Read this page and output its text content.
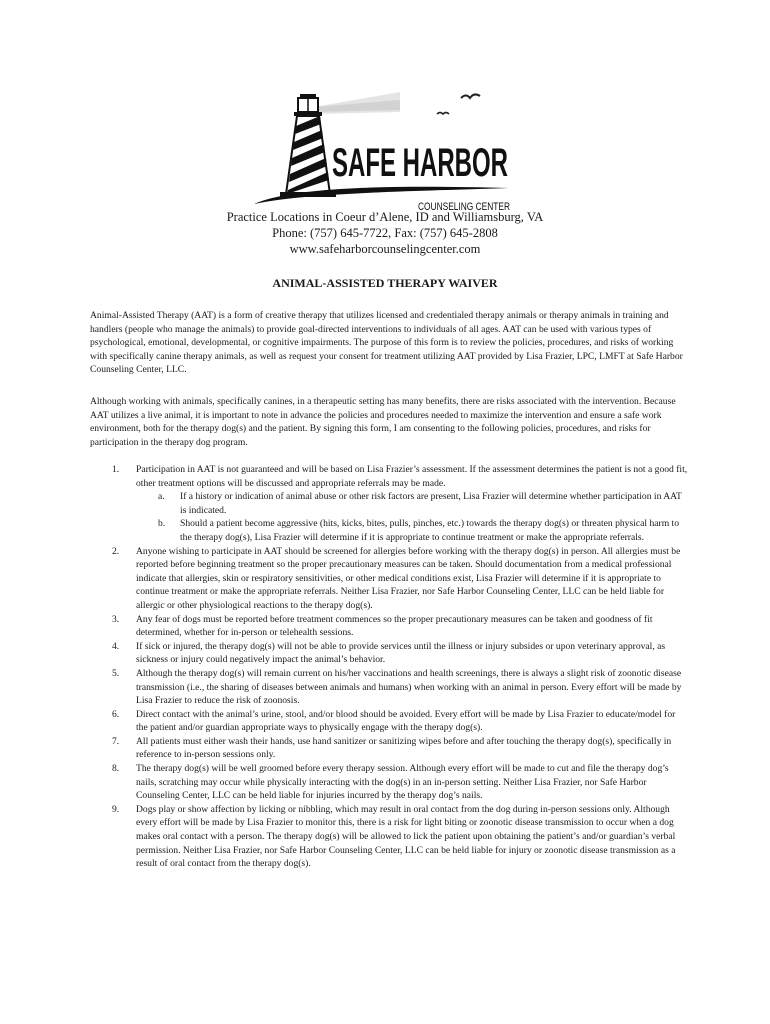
SAFE HARBOR
COUNSELING CENTER
Practice Locations in Coeur d’Alene, ID and Williamsburg, VA
Phone: (757) 645-7722, Fax: (757) 645-2808
www.safeharborcounselingcenter.com
ANIMAL-ASSISTED THERAPY WAIVER

Animal-Assisted Therapy (AAT) is a form of creative therapy that utilizes licensed and credentialed therapy animals or therapy animals in training and handlers (people who manage the animals) to provide goal-directed interventions to individuals of all ages. AAT can be used with various types of psychological, emotional, developmental, or cognitive impairments. The purpose of this form is to review the policies, procedures, and risks of working with specifically canine therapy animals, as well as request your consent for treatment utilizing AAT provided by Lisa Frazier, LPC, LMFT at Safe Harbor Counseling Center, LLC.

Although working with animals, specifically canines, in a therapeutic setting has many benefits, there are risks associated with the intervention. Because AAT utilizes a live animal, it is important to note in advance the policies and procedures needed to maximize the intervention and ensure a safe work environment, both for the therapy dog(s) and the patient. By signing this form, I am consenting to the following policies, procedures, and risks for participation in the therapy dog program.

1. Participation in AAT is not guaranteed and will be based on Lisa Frazier’s assessment. If the assessment determines the patient is not a good fit, other treatment options will be discussed and appropriate referrals may be made.
a. If a history or indication of animal abuse or other risk factors are present, Lisa Frazier will determine whether participation in AAT is indicated.
b. Should a patient become aggressive (hits, kicks, bites, pulls, pinches, etc.) towards the therapy dog(s) or threaten physical harm to the therapy dog(s), Lisa Frazier will determine if it is appropriate to continue treatment or make the appropriate referrals.
2. Anyone wishing to participate in AAT should be screened for allergies before working with the therapy dog(s) in person. All allergies must be reported before beginning treatment so the proper precautionary measures can be taken. Should documentation from a medical professional indicate that allergies, skin or respiratory sensitivities, or other medical conditions exist, Lisa Frazier will determine if it is appropriate to continue treatment or make the appropriate referrals. Neither Lisa Frazier, nor Safe Harbor Counseling Center, LLC can be held liable for allergic or other physiological reactions to the therapy dog(s).
3. Any fear of dogs must be reported before treatment commences so the proper precautionary measures can be taken and goodness of fit determined, whether for in-person or telehealth sessions.
4. If sick or injured, the therapy dog(s) will not be able to provide services until the illness or injury subsides or upon veterinary approval, as sickness or injury could negatively impact the animal’s behavior.
5. Although the therapy dog(s) will remain current on his/her vaccinations and health screenings, there is always a slight risk of zoonotic disease transmission (i.e., the sharing of diseases between animals and humans) when working with an animal in person. Every effort will be made by Lisa Frazier to reduce the risk of zoonosis.
6. Direct contact with the animal’s urine, stool, and/or blood should be avoided. Every effort will be made by Lisa Frazier to educate/model for the patient and/or guardian appropriate ways to physically engage with the therapy dog(s).
7. All patients must either wash their hands, use hand sanitizer or sanitizing wipes before and after touching the therapy dog(s), specifically in reference to in-person sessions only.
8. The therapy dog(s) will be well groomed before every therapy session. Although every effort will be made to cut and file the therapy dog’s nails, scratching may occur while physically interacting with the dog(s) in an in-person setting. Neither Lisa Frazier, nor Safe Harbor Counseling Center, LLC can be held liable for injuries incurred by the therapy dog’s nails.
9. Dogs play or show affection by licking or nibbling, which may result in oral contact from the dog during in-person sessions only. Although every effort will be made by Lisa Frazier to monitor this, there is a risk for light biting or zoonotic disease transmission to occur when a dog makes oral contact with a person. The therapy dog(s) will be allowed to lick the patient upon obtaining the patient’s and/or guardian’s verbal permission. Neither Lisa Frazier, nor Safe Harbor Counseling Center, LLC can be held liable for injury or zoonotic disease transmission as a result of oral contact from the therapy dog(s).
